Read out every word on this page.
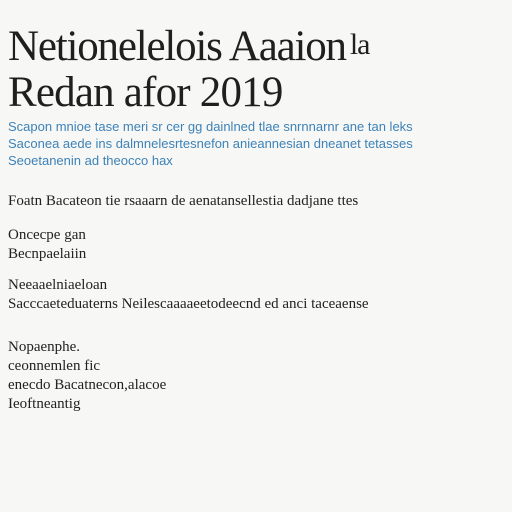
Netionelelois Aaaion la
Redan afor 2019
Scapon mnioe tase meri sr cer gg dainlned tlae snrnnarnr ane tan leks
Saconea aede ins dalmnelesrtesnefon anieannesian dneanet tetasses
Seoetanenin ad theocco hax
Foatn Bacateon tie rsaaarn de aenatansellestia dadjane ttes
Oncecpe gan
Becnpaelaiin
Neeaaelniaeloan
Sacccaeteduaterns Neilescaaaaeetodeecnd ed anci taceaense
Nopaenphe.
ceonnemlen fic
enecdo Bacatnecon,alacoe
Ieoftneantig
